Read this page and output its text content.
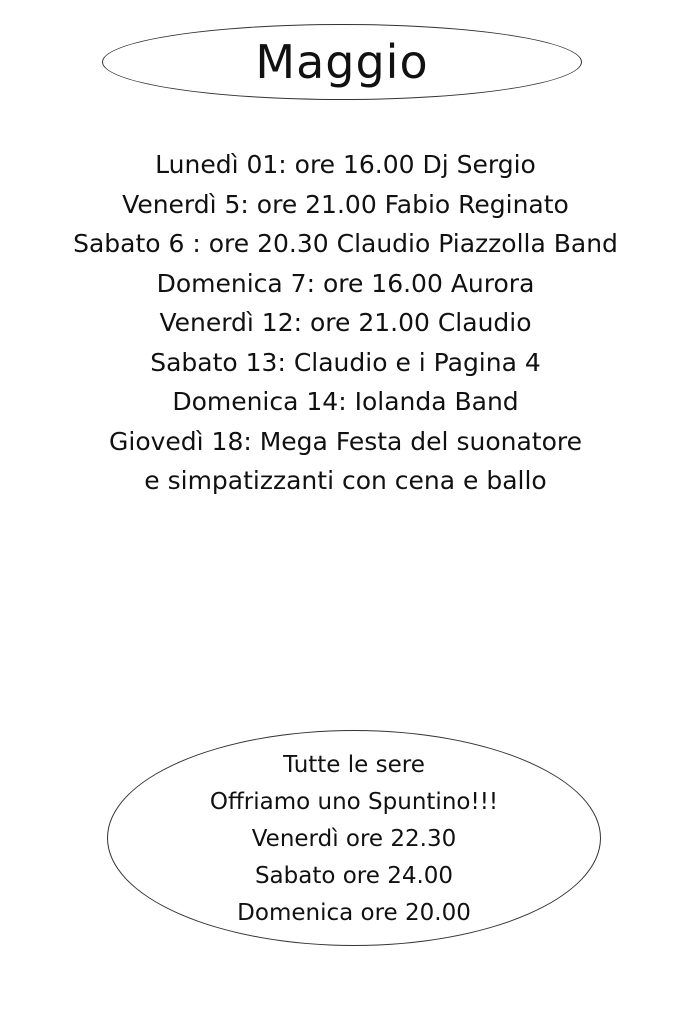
Maggio
Lunedì 01: ore 16.00 Dj Sergio
Venerdì 5: ore 21.00 Fabio Reginato
Sabato 6 : ore 20.30 Claudio Piazzolla Band
Domenica 7: ore 16.00 Aurora
Venerdì 12: ore 21.00 Claudio
Sabato 13: Claudio e i Pagina 4
Domenica 14: Iolanda Band
Giovedì 18: Mega Festa del suonatore
e simpatizzanti con cena e ballo
Tutte le sere
Offriamo uno Spuntino!!!
Venerdì ore 22.30
Sabato ore 24.00
Domenica ore 20.00
